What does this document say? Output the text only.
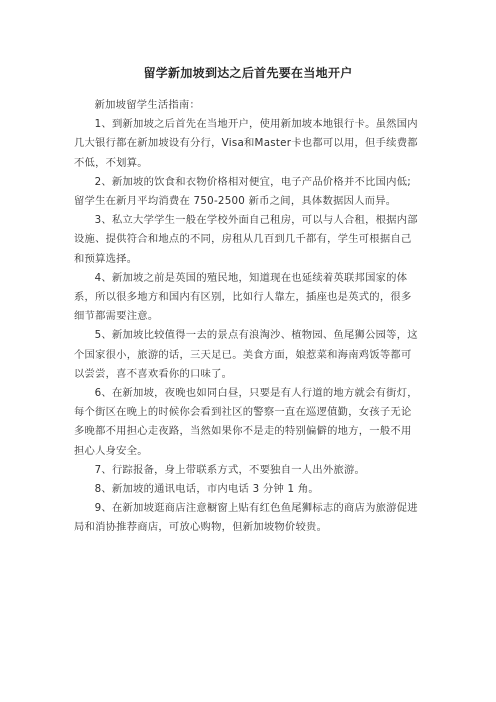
留学新加坡到达之后首先要在当地开户

新加坡留学生活指南：

1、到新加坡之后首先在当地开户，使用新加坡本地银行卡。虽然国内几大银行都在新加坡设有分行，Visa和Master卡也都可以用，但手续费都不低，不划算。

2、新加坡的饮食和衣物价格相对便宜，电子产品价格并不比国内低;留学生在新月平均消费在 750-2500 新币之间，具体数据因人而异。

3、私立大学学生一般在学校外面自己租房，可以与人合租，根据内部设施、提供符合和地点的不同，房租从几百到几千都有，学生可根据自己和预算选择。

4、新加坡之前是英国的殖民地，知道现在也延续着英联邦国家的体系，所以很多地方和国内有区别，比如行人靠左，插座也是英式的，很多细节都需要注意。

5、新加坡比较值得一去的景点有浪淘沙、植物园、鱼尾狮公园等，这个国家很小，旅游的话，三天足已。美食方面，娘惹菜和海南鸡饭等都可以尝尝，喜不喜欢看你的口味了。

6、在新加坡，夜晚也如同白昼，只要是有人行道的地方就会有街灯，每个街区在晚上的时候你会看到社区的警察一直在巡逻值勤，女孩子无论多晚都不用担心走夜路，当然如果你不是走的特别偏僻的地方，一般不用担心人身安全。

7、行踪报备，身上带联系方式，不要独自一人出外旅游。

8、新加坡的通讯电话，市内电话 3 分钟 1 角。

9、在新加坡逛商店注意橱窗上贴有红色鱼尾狮标志的商店为旅游促进局和消协推荐商店，可放心购物，但新加坡物价较贵。
